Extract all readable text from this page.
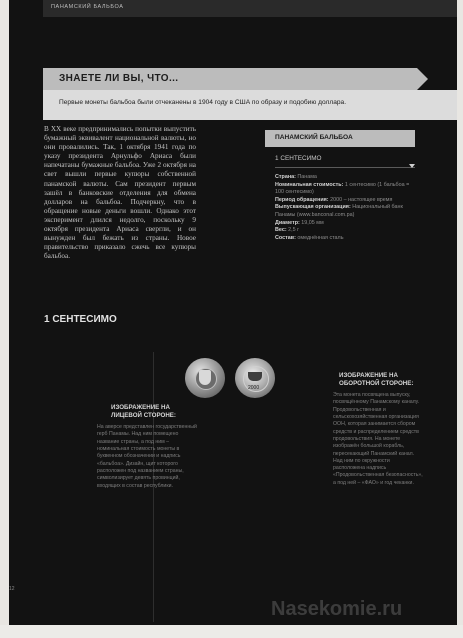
ПАНАМСКИЙ БАЛЬБОА
ЗНАЕТЕ ЛИ ВЫ, ЧТО...
Первые монеты бальбоа были отчеканены в 1904 году в США по образу и подобию доллара.
В XX веке предпринимались попытки выпустить бумажный эквивалент национальной валюты, но они провалились. Так, 1 октября 1941 года по указу президента Арнульфо Ариаса были напечатаны бумажные бальбоа. Уже 2 октября на свет вышли первые купюры собственной панамской валюты. Сам президент первым зашёл в банковские отделения для обмена долларов на бальбоа. Подчеркну, что в обращение новые деньги вошли. Однако этот эксперимент длился недолго, поскольку 9 октября президента Ариаса свергли, и он вынужден был бежать из страны. Новое правительство приказало сжечь все купюры бальбоа.
ПАНАМСКИЙ БАЛЬБОА
1 СЕНТЕСИМО
Страна: Панама
Номинальная стоимость: 1 сентесимо (1 бальбоа = 100 сентесимо)
Период обращения: 2000 – настоящее время
Выпускающая организация: Национальный банк Панамы (www.banconal.com.pa)
Диаметр: 19,05 мм
Вес: 2,5 г
Состав: омеднённая сталь
1 СЕНТЕСИМО
2000
ИЗОБРАЖЕНИЕ НА ЛИЦЕВОЙ СТОРОНЕ:
На аверсе представлен государственный герб Панамы. Над ним помещено название страны, а под ним – номинальная стоимость монеты в буквенном обозначении и надпись «бальбоа». Дизайн, щит которого расположен под названием страны, символизирует девять провинций, входящих в состав республики.
ИЗОБРАЖЕНИЕ НА ОБОРОТНОЙ СТОРОНЕ:
Эта монета посвящена выпуску, посвящённому Панамскому каналу. Продовольственная и сельскохозяйственная организация ООН, которая занимается сбором средств и распределением средств продовольствия. На монете изображён большой корабль, пересекающий Панамский канал. Над ним по окружности расположена надпись «Продовольственная безопасность», а под ней – «ФАО» и год чеканки.
12
Nasekomie.ru
